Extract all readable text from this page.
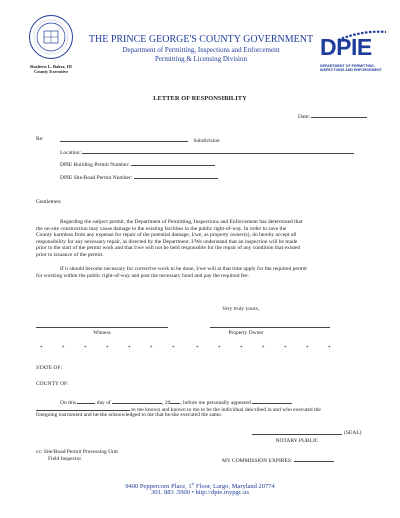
Rushern L. Baker, III
County Executive
THE PRINCE GEORGE'S COUNTY GOVERNMENT
Department of Permitting, Inspections and Enforcement
Permitting & Licensing Division	DPIE
DEPARTMENT OF PERMITTING,
INSPECTIONS AND ENFORCEMENT
LETTER OF RESPONSIBILITY
Date:
Re:	Subdivision
Location:
DPIE Building Permit Number:
DPIE Site/Road Permit Number:
Gentlemen:
Regarding the subject permit, the Department of Permitting, Inspections and Enforcement has determined that
the on-site construction may cause damage to the existing facilities in the public right-of-way. In order to save the
County harmless from any expense for repair of the potential damage, I/we, as property owner(s), do hereby accept all
responsibility for any necessary repair, as directed by the Department. I/We understand that an inspection will be made
prior to the start of the permit work and that I/we will not be held responsible for the repair of any condition that existed
prior to issuance of the permit.
If it should become necessary for corrective work to be done, I/we will at that time apply for the required permit
for working within the public right-of-way and post the necessary bond and pay the required fee.
Very truly yours,
Witness	Property Owner
*	*	*	*	*	*	*	*	*	*	*	*	*	*
STATE OF:
COUNTY OF:
On this	day of	, 20 , before me personally appeared
to me known and known to me to be the individual described in and who executed the
foregoing instrument and he/she acknowledged to me that he/she executed the same.
(SEAL)
NOTARY PUBLIC
cc: Site/Road Permit Processing Unit
Field Inspector	MY COMMISSION EXPIRES:
9400 Peppercorn Place, 1st Floor, Largo, Maryland 20774
301. 883 .5900 • http://dpie.mypgc.us
